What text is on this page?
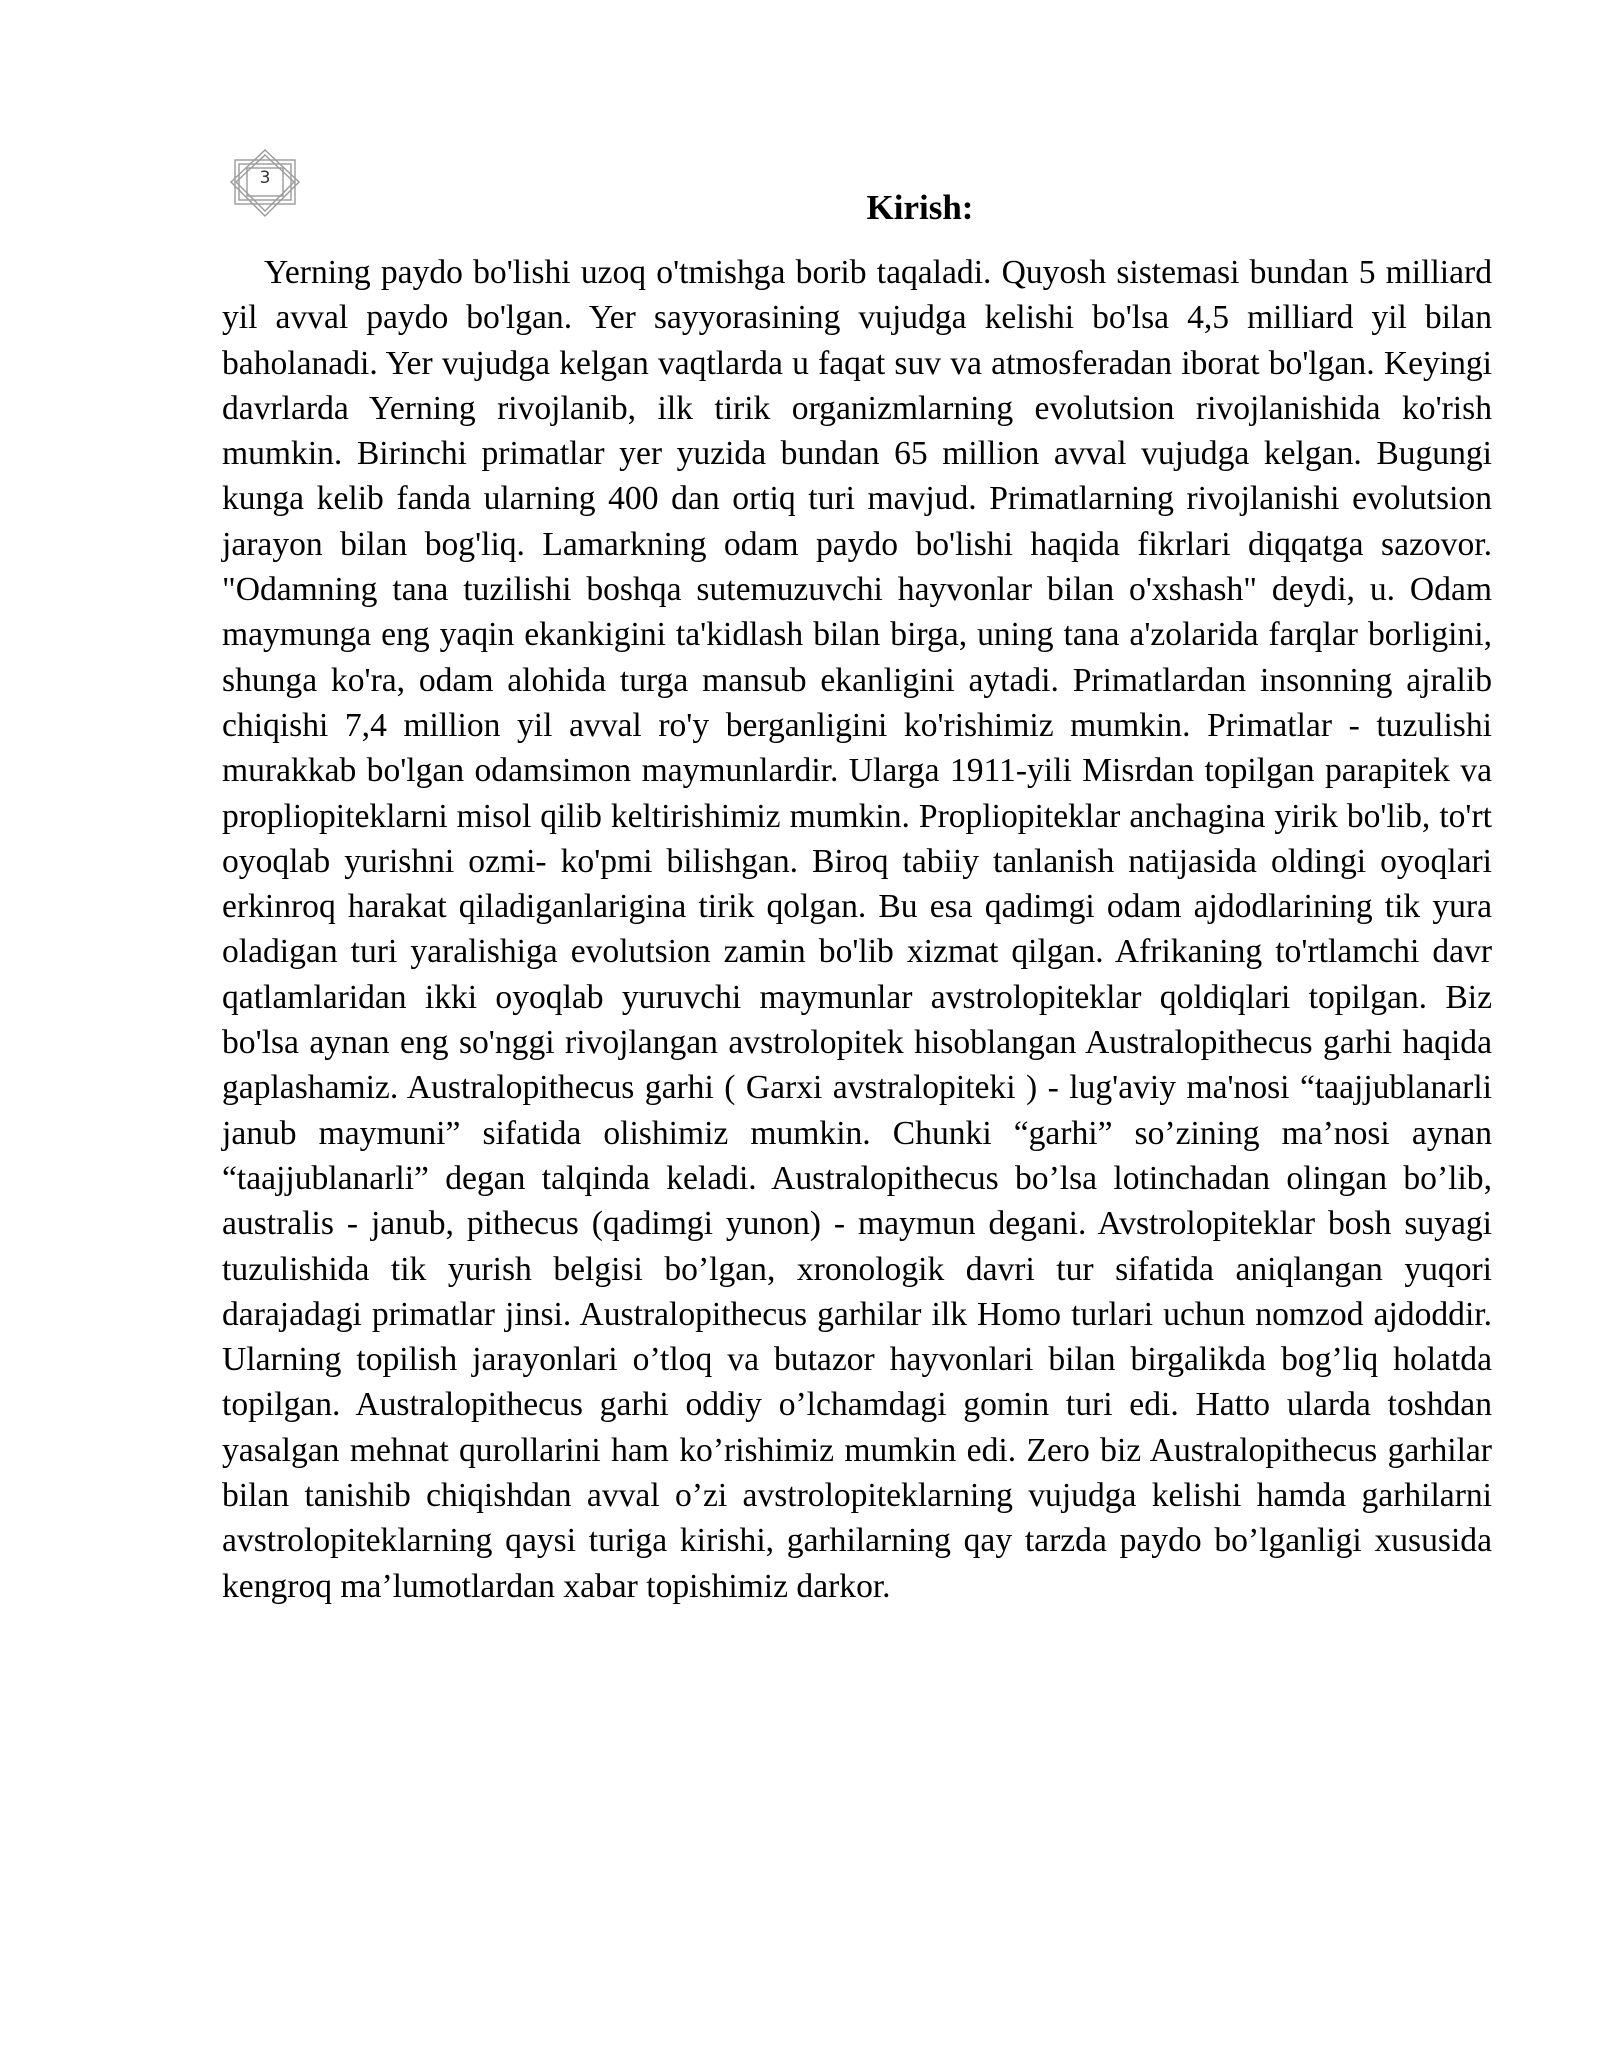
3
Kirish:

Yerning paydo bo'lishi uzoq o'tmishga borib taqaladi. Quyosh sistemasi bundan 5 milliard yil avval paydo bo'lgan. Yer sayyorasining vujudga kelishi bo'lsa 4,5 milliard yil bilan baholanadi. Yer vujudga kelgan vaqtlarda u faqat suv va atmosferadan iborat bo'lgan. Keyingi davrlarda Yerning rivojlanib, ilk tirik organizmlarning evolutsion rivojlanishida ko'rish mumkin. Birinchi primatlar yer yuzida bundan 65 million avval vujudga kelgan. Bugungi kunga kelib fanda ularning 400 dan ortiq turi mavjud. Primatlarning rivojlanishi evolutsion jarayon bilan bog'liq. Lamarkning odam paydo bo'lishi haqida fikrlari diqqatga sazovor. "Odamning tana tuzilishi boshqa sutemuzuvchi hayvonlar bilan o'xshash" deydi, u. Odam maymunga eng yaqin ekankigini ta'kidlash bilan birga, uning tana a'zolarida farqlar borligini, shunga ko'ra, odam alohida turga mansub ekanligini aytadi. Primatlardan insonning ajralib chiqishi 7,4 million yil avval ro'y berganligini ko'rishimiz mumkin. Primatlar - tuzulishi murakkab bo'lgan odamsimon maymunlardir. Ularga 1911-yili Misrdan topilgan parapitek va propliopiteklarni misol qilib keltirishimiz mumkin. Propliopiteklar anchagina yirik bo'lib, to'rt oyoqlab yurishni ozmi- ko'pmi bilishgan. Biroq tabiiy tanlanish natijasida oldingi oyoqlari erkinroq harakat qiladiganlarigina tirik qolgan. Bu esa qadimgi odam ajdodlarining tik yura oladigan turi yaralishiga evolutsion zamin bo'lib xizmat qilgan. Afrikaning to'rtlamchi davr qatlamlaridan ikki oyoqlab yuruvchi maymunlar avstrolopiteklar qoldiqlari topilgan. Biz bo'lsa aynan eng so'nggi rivojlangan avstrolopitek hisoblangan Australopithecus garhi haqida gaplashamiz. Australopithecus garhi ( Garxi avstralopiteki ) - lug'aviy ma'nosi “taajjublanarli janub maymuni” sifatida olishimiz mumkin. Chunki “garhi” so’zining ma’nosi aynan “taajjublanarli” degan talqinda keladi. Australopithecus bo’lsa lotinchadan olingan bo’lib, australis - janub, pithecus (qadimgi yunon) - maymun degani. Avstrolopiteklar bosh suyagi tuzulishida tik yurish belgisi bo’lgan, xronologik davri tur sifatida aniqlangan yuqori darajadagi primatlar jinsi. Australopithecus garhilar ilk Homo turlari uchun nomzod ajdoddir. Ularning topilish jarayonlari o’tloq va butazor hayvonlari bilan birgalikda bog’liq holatda topilgan. Australopithecus garhi oddiy o’lchamdagi gomin turi edi. Hatto ularda toshdan yasalgan mehnat qurollarini ham ko’rishimiz mumkin edi. Zero biz Australopithecus garhilar bilan tanishib chiqishdan avval o’zi avstrolopiteklarning vujudga kelishi hamda garhilarni avstrolopiteklarning qaysi turiga kirishi, garhilarning qay tarzda paydo bo’lganligi xususida kengroq ma’lumotlardan xabar topishimiz darkor.
